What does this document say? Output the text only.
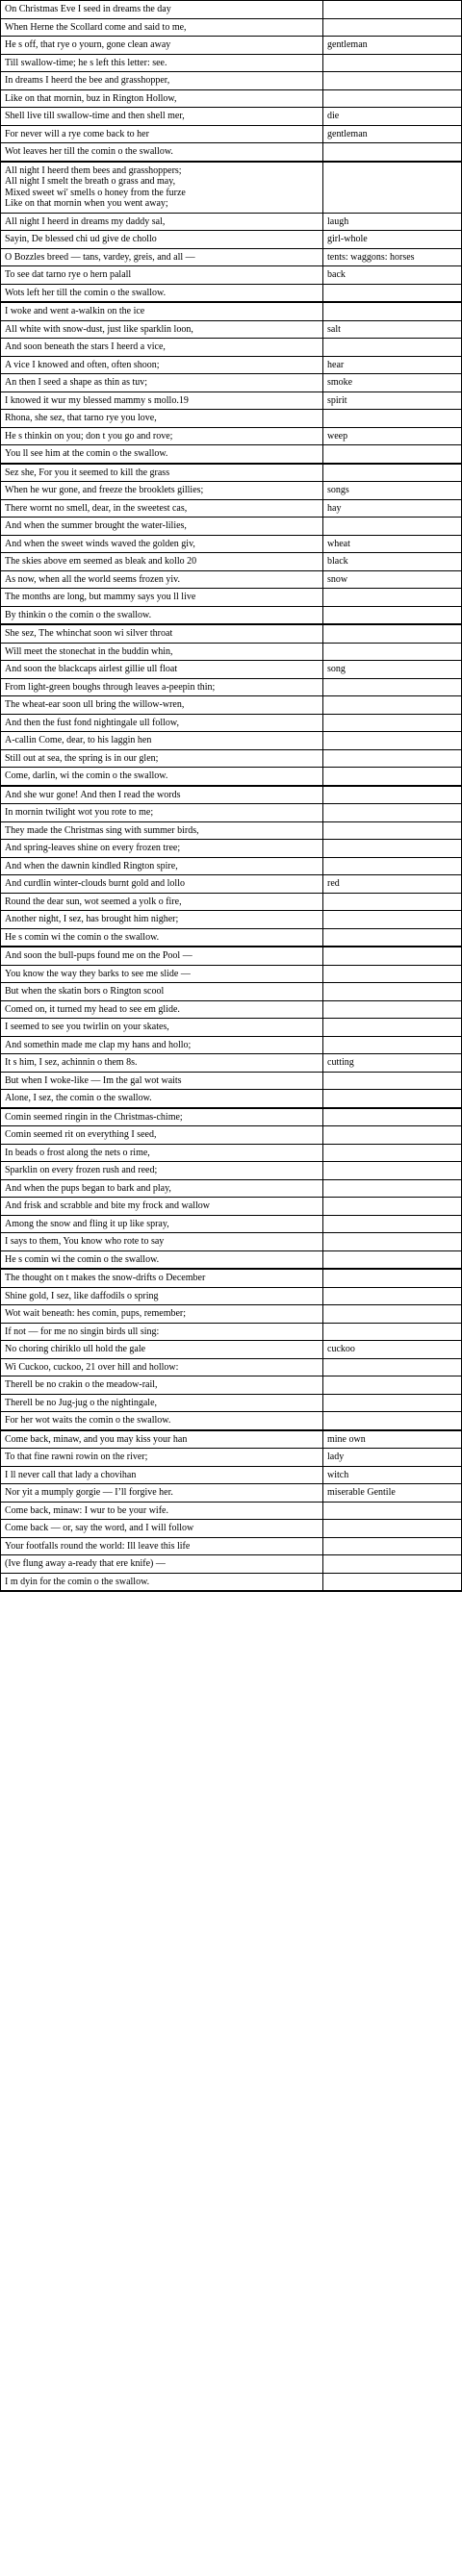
On Christmas Eve I seed in dreams the day
When Herne the Scollard come and said to me,
He s off, that rye o yourn, gone clean away	gentleman
Till swallow-time; he s left this letter: see.
In dreams I heerd the bee and grasshopper,
Like on that mornin, buz in Rington Hollow,
Shell live till swallow-time and then shell mer,	die
For never will a rye come back to her	gentleman
Wot leaves her till the comin o the swallow.
All night I heerd them bees and grasshoppers;
All night I smelt the breath o grass and may,
Mixed sweet wi' smells o honey from the furze
Like on that mornin when you went away;
All night I heerd in dreams my daddy sal,	laugh
Sayin, De blessed chi ud give de chollo	girl-whole
O Bozzles breed — tans, vardey, greis, and all —	tents: waggons: horses
To see dat tarno rye o hern palall	back
Wots left her till the comin o the swallow.
I woke and went a-walkin on the ice
All white with snow-dust, just like sparklin loon,	salt
And soon beneath the stars I heerd a vice,
A vice I knowed and often, often shoon;	hear
An then I seed a shape as thin as tuv;	smoke
I knowed it wur my blessed mammy s mollo.19	spirit
Rhona, she sez, that tarno rye you love,
He s thinkin on you; don t you go and rove;	weep
You ll see him at the comin o the swallow.
Sez she, For you it seemed to kill the grass
When he wur gone, and freeze the brooklets gillies;	songs
There wornt no smell, dear, in the sweetest cas,	hay
And when the summer brought the water-lilies,
And when the sweet winds waved the golden giv,	wheat
The skies above em seemed as bleak and kollo 20	black
As now, when all the world seems frozen yiv.	snow
The months are long, but mammy says you ll live
By thinkin o the comin o the swallow.
She sez, The whinchat soon wi silver throat
Will meet the stonechat in the buddin whin,
And soon the blackcaps airlest gillie ull float	song
From light-green boughs through leaves a-peepin thin;
The wheat-ear soon ull bring the willow-wren,
And then the fust fond nightingale ull follow,
A-callin Come, dear, to his laggin hen
Still out at sea, the spring is in our glen;
Come, darlin, wi the comin o the swallow.
And she wur gone! And then I read the words
In mornin twilight wot you rote to me;
They made the Christmas sing with summer birds,
And spring-leaves shine on every frozen tree;
And when the dawnin kindled Rington spire,
And curdlin winter-clouds burnt gold and lollo	red
Round the dear sun, wot seemed a yolk o fire,
Another night, I sez, has brought him nigher;
He s comin wi the comin o the swallow.
And soon the bull-pups found me on the Pool —
You know the way they barks to see me slide —
But when the skatin bors o Rington scool
Comed on, it turned my head to see em glide.
I seemed to see you twirlin on your skates,
And somethin made me clap my hans and hollo;
It s him, I sez, achinnin o them 8s.	cutting
But when I woke-like — Im the gal wot waits
Alone, I sez, the comin o the swallow.
Comin seemed ringin in the Christmas-chime;
Comin seemed rit on everything I seed,
In beads o frost along the nets o rime,
Sparklin on every frozen rush and reed;
And when the pups began to bark and play,
And frisk and scrabble and bite my frock and wallow
Among the snow and fling it up like spray,
I says to them, You know who rote to say
He s comin wi the comin o the swallow.
The thought on t makes the snow-drifts o December
Shine gold, I sez, like daffodils o spring
Wot wait beneath: hes comin, pups, remember;
If not — for me no singin birds ull sing:
No choring chiriklo ull hold the gale	cuckoo
Wi Cuckoo, cuckoo, 21 over hill and hollow:
Therell be no crakin o the meadow-rail,
Therell be no Jug-jug o the nightingale,
For her wot waits the comin o the swallow.
Come back, minaw, and you may kiss your han	mine own
To that fine rawni rowin on the river;	lady
I ll never call that lady a chovihan	witch
Nor yit a mumply gorgie — I’ll forgive her.	miserable Gentile
Come back, minaw: I wur to be your wife.
Come back — or, say the word, and I will follow
Your footfalls round the world: Ill leave this life
(Ive flung away a-ready that ere knife) —
I m dyin for the comin o the swallow.
